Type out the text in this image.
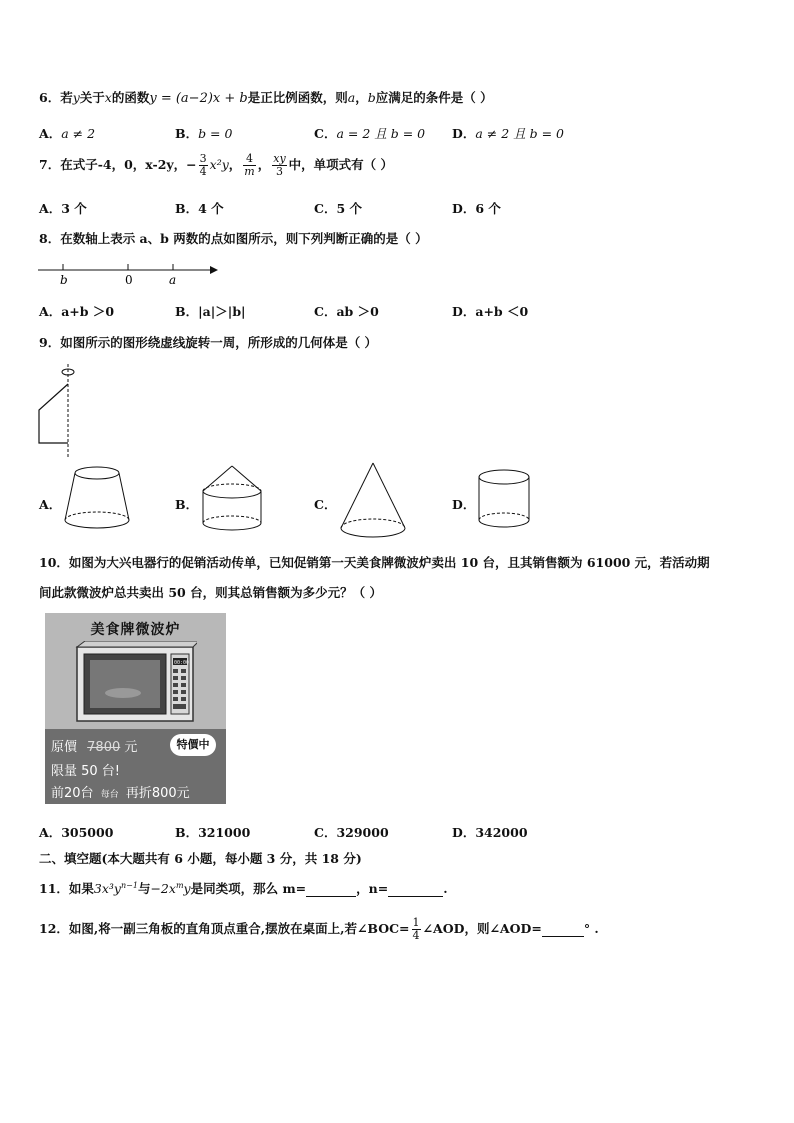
6．若y关于x的函数y = (a−2)x + b是正比例函数，则a，b应满足的条件是（ ）
A．a ≠ 2	B．b = 0	C．a = 2 且 b = 0 D．a ≠ 2 且 b = 0
7．在式子-4，0，x-2y，− $\frac{3}{4} x^2y$， $\frac{4}{m}$ ， $\frac{xy}{3}$ 中，单项式有（ ）
A．3 个	B．4 个	C．5 个	D．6 个
8．在数轴上表示 a、b 两数的点如图所示，则下列判断正确的是（ ）
b	0	a
A．a+b ＞0	B．|a|＞|b|	C．ab ＞0	D．a+b ＜0
9．如图所示的图形绕虚线旋转一周，所形成的几何体是（ ）
A．	B．	C．	D．
10．如图为大兴电器行的促销活动传单，已知促销第一天美食牌微波炉卖出 10 台，且其销售额为 61000 元，若活动期
间此款微波炉总共卖出 50 台，则其总销售额为多少元？（ ）
美食牌微波炉
00:00
原價 7800 元	特價中
限量 50 台!
前20台 每台 再折800元
A．305000	B．321000	C．329000	D．342000
二、填空题(本大题共有 6 小题，每小题 3 分，共 18 分)
11．如果$3x^3y^{n-1}$与$-2x^my$是同类项，那么 m=	，n=	.
12．如图,将一副三角板的直角顶点重合,摆放在桌面上,若∠BOC= $\frac{1}{4}$ ∠AOD，则∠AOD=	° .
